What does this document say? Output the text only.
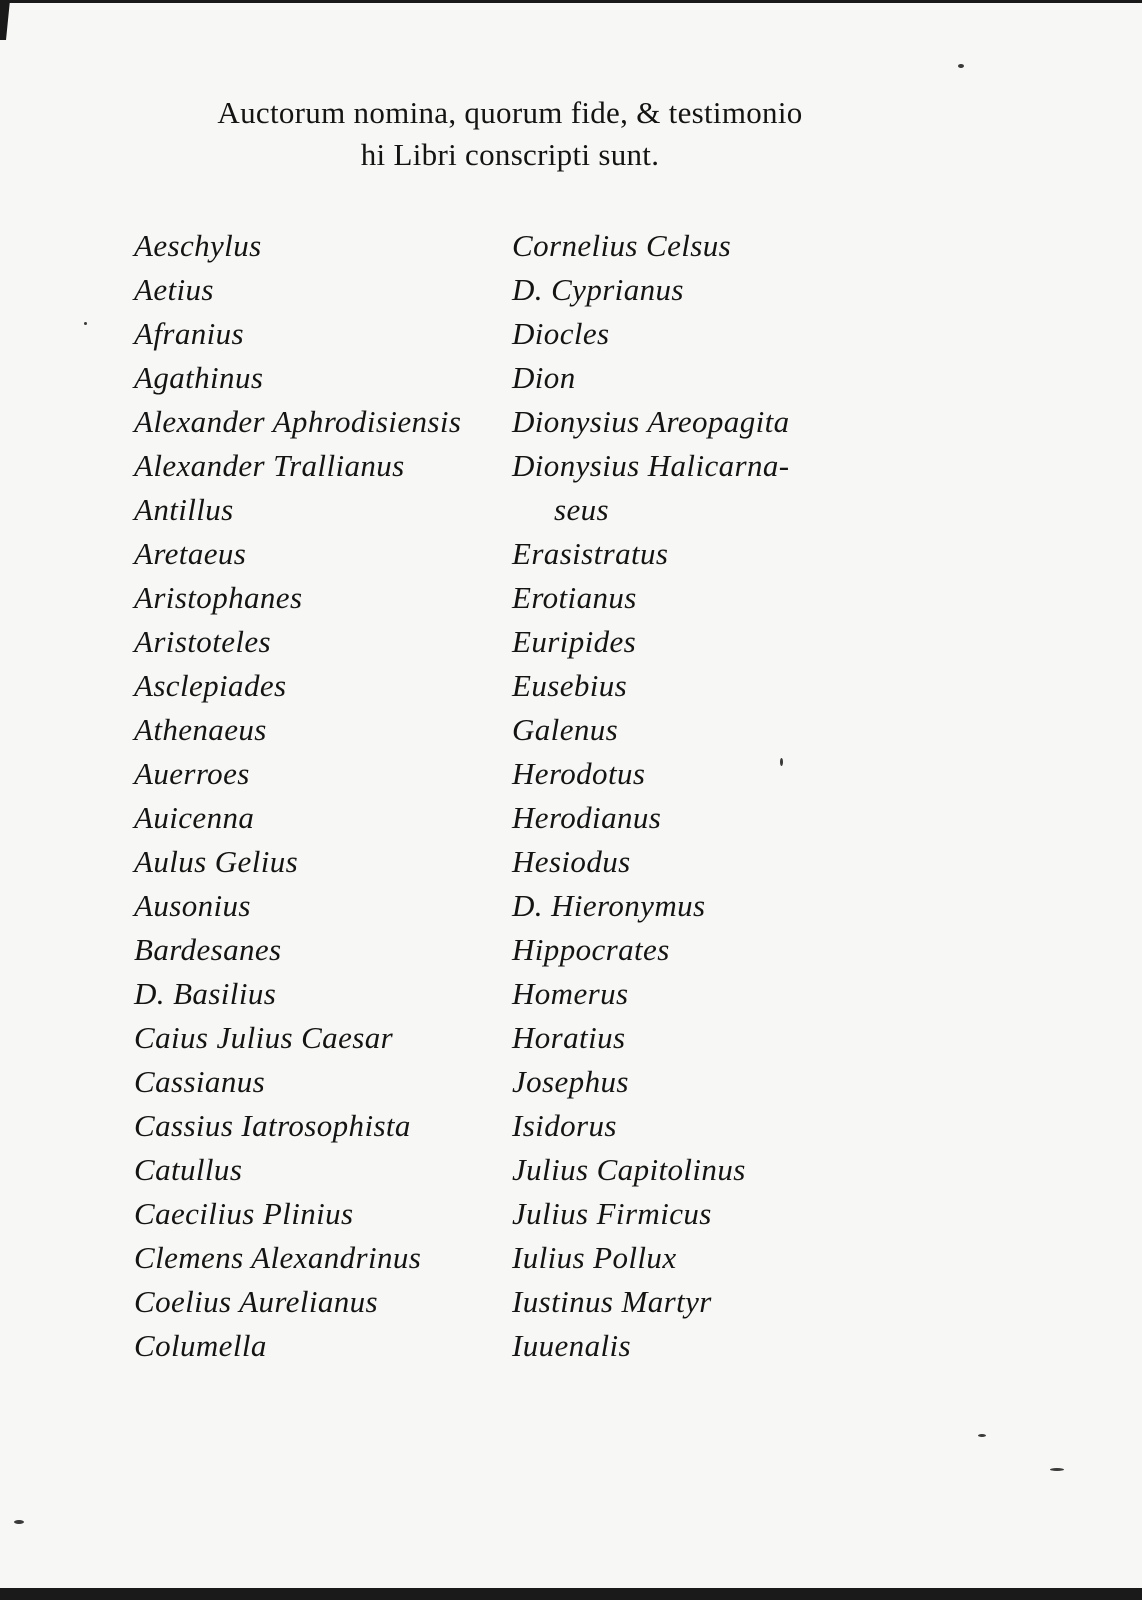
Auctorum nomina, quorum fide, & testimonio
hi Libri conscripti sunt.
Aeschylus
Aetius
Afranius
Agathinus
Alexander Aphrodisiensis
Alexander Trallianus
Antillus
Aretaeus
Aristophanes
Aristoteles
Asclepiades
Athenaeus
Auerroes
Auicenna
Aulus Gelius
Ausonius
Bardesanes
D. Basilius
Caius Julius Caesar
Cassianus
Cassius Iatrosophista
Catullus
Caecilius Plinius
Clemens Alexandrinus
Coelius Aurelianus
Columella
Cornelius Celsus
D. Cyprianus
Diocles
Dion
Dionysius Areopagita
Dionysius Halicarna-
seus
Erasistratus
Erotianus
Euripides
Eusebius
Galenus
Herodotus
Herodianus
Hesiodus
D. Hieronymus
Hippocrates
Homerus
Horatius
Josephus
Isidorus
Julius Capitolinus
Julius Firmicus
Iulius Pollux
Iustinus Martyr
Iuuenalis
